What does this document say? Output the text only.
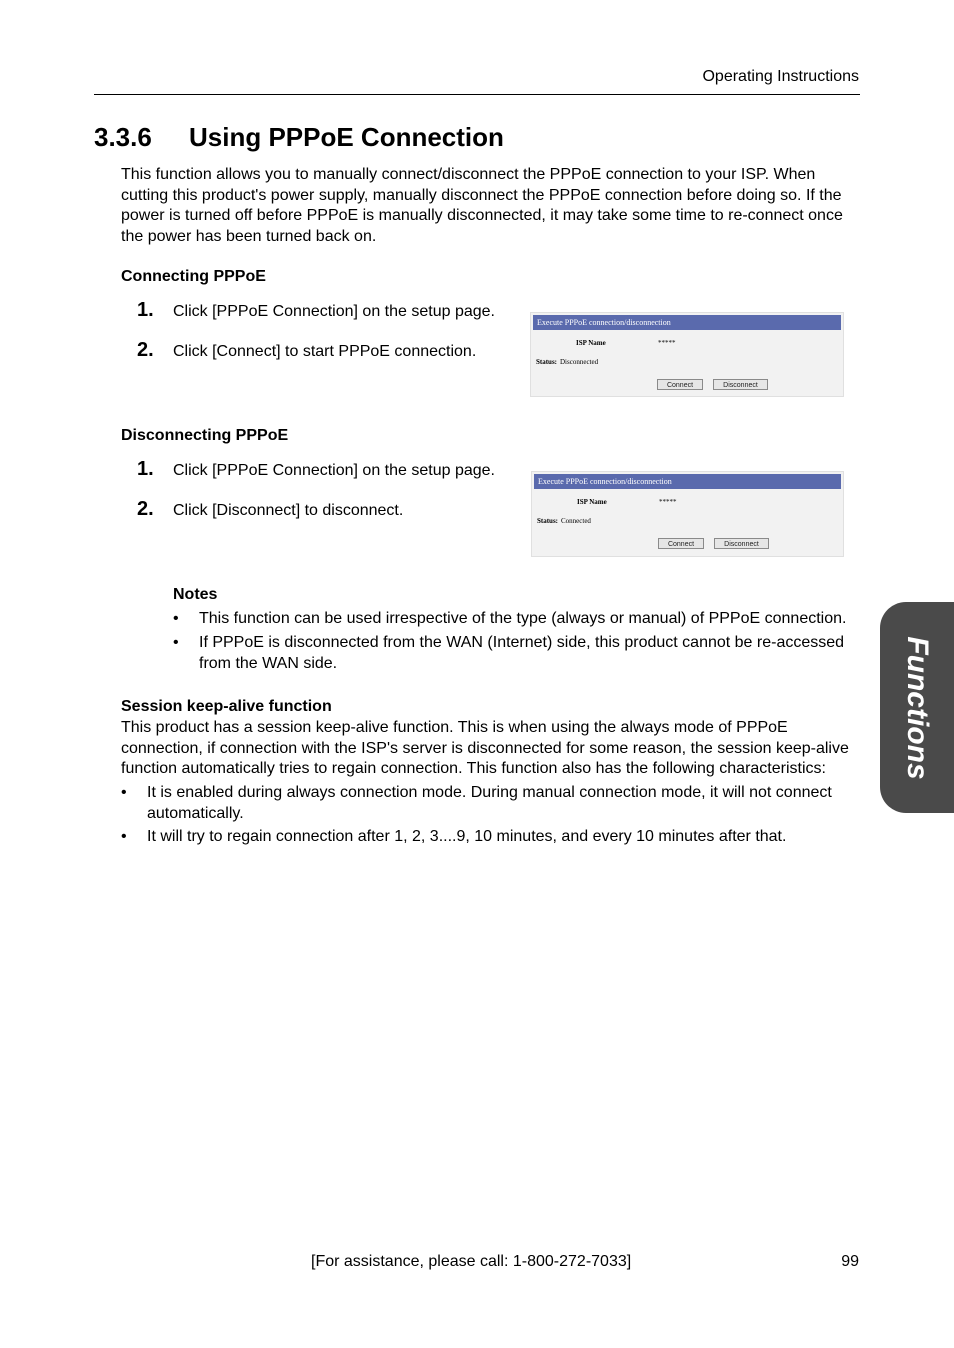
Operating Instructions
3.3.6 Using PPPoE Connection
This function allows you to manually connect/disconnect the PPPoE connection to your ISP. When cutting this product's power supply, manually disconnect the PPPoE connection before doing so. If the power is turned off before PPPoE is manually disconnected, it may take some time to re-connect once the power has been turned back on.
Connecting PPPoE
1. Click [PPPoE Connection] on the setup page.
2. Click [Connect] to start PPPoE connection.
Execute PPPoE connection/disconnection
ISP Name	*****
Status: Disconnected
Connect	Disconnect
Disconnecting PPPoE
1. Click [PPPoE Connection] on the setup page.
2. Click [Disconnect] to disconnect.
Execute PPPoE connection/disconnection
ISP Name	*****
Status: Connected
Connect	Disconnect
Notes
• This function can be used irrespective of the type (always or manual) of PPPoE connection.
• If PPPoE is disconnected from the WAN (Internet) side, this product cannot be re-accessed from the WAN side.
Session keep-alive function
This product has a session keep-alive function. This is when using the always mode of PPPoE connection, if connection with the ISP's server is disconnected for some reason, the session keep-alive function automatically tries to regain connection. This function also has the following characteristics:
• It is enabled during always connection mode. During manual connection mode, it will not connect automatically.
• It will try to regain connection after 1, 2, 3....9, 10 minutes, and every 10 minutes after that.
Functions
[For assistance, please call: 1-800-272-7033]	99
